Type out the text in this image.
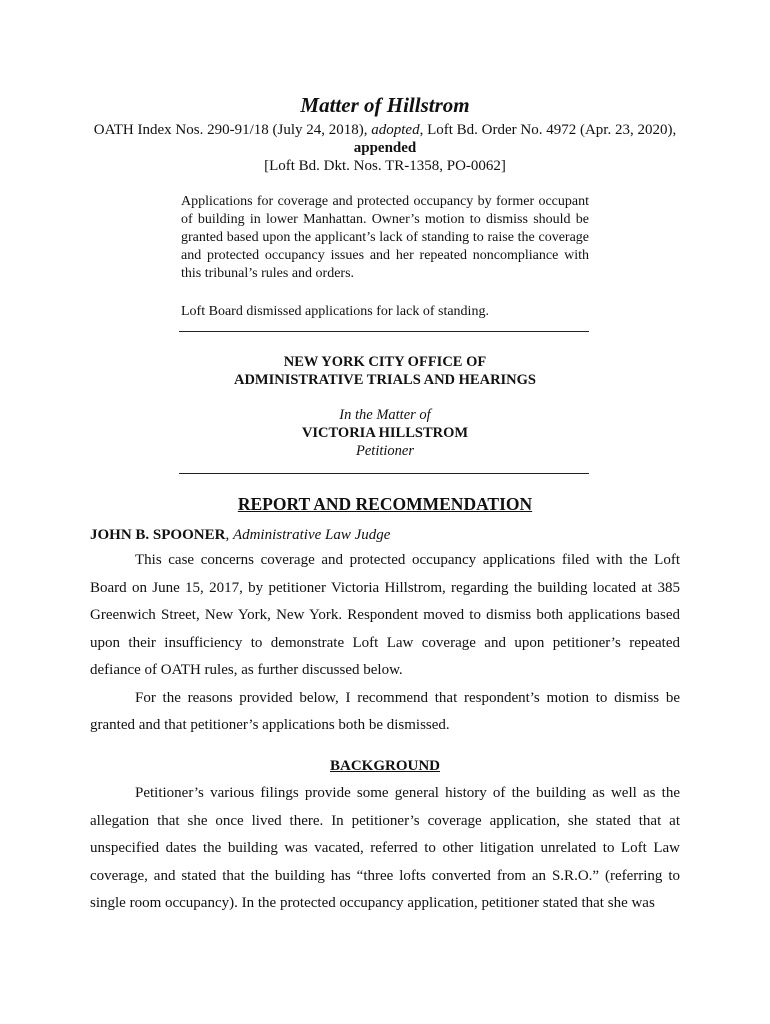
Matter of Hillstrom
OATH Index Nos. 290-91/18 (July 24, 2018), adopted, Loft Bd. Order No. 4972 (Apr. 23, 2020),
appended
[Loft Bd. Dkt. Nos. TR-1358, PO-0062]

Applications for coverage and protected occupancy by former occupant of building in lower Manhattan. Owner’s motion to dismiss should be granted based upon the applicant’s lack of standing to raise the coverage and protected occupancy issues and her repeated noncompliance with this tribunal’s rules and orders.

Loft Board dismissed applications for lack of standing.

NEW YORK CITY OFFICE OF
ADMINISTRATIVE TRIALS AND HEARINGS
In the Matter of
VICTORIA HILLSTROM
Petitioner
REPORT AND RECOMMENDATION
JOHN B. SPOONER, Administrative Law Judge

This case concerns coverage and protected occupancy applications filed with the Loft Board on June 15, 2017, by petitioner Victoria Hillstrom, regarding the building located at 385 Greenwich Street, New York, New York. Respondent moved to dismiss both applications based upon their insufficiency to demonstrate Loft Law coverage and upon petitioner’s repeated defiance of OATH rules, as further discussed below.

For the reasons provided below, I recommend that respondent’s motion to dismiss be granted and that petitioner’s applications both be dismissed.

BACKGROUND

Petitioner’s various filings provide some general history of the building as well as the allegation that she once lived there. In petitioner’s coverage application, she stated that at unspecified dates the building was vacated, referred to other litigation unrelated to Loft Law coverage, and stated that the building has “three lofts converted from an S.R.O.” (referring to single room occupancy). In the protected occupancy application, petitioner stated that she was
